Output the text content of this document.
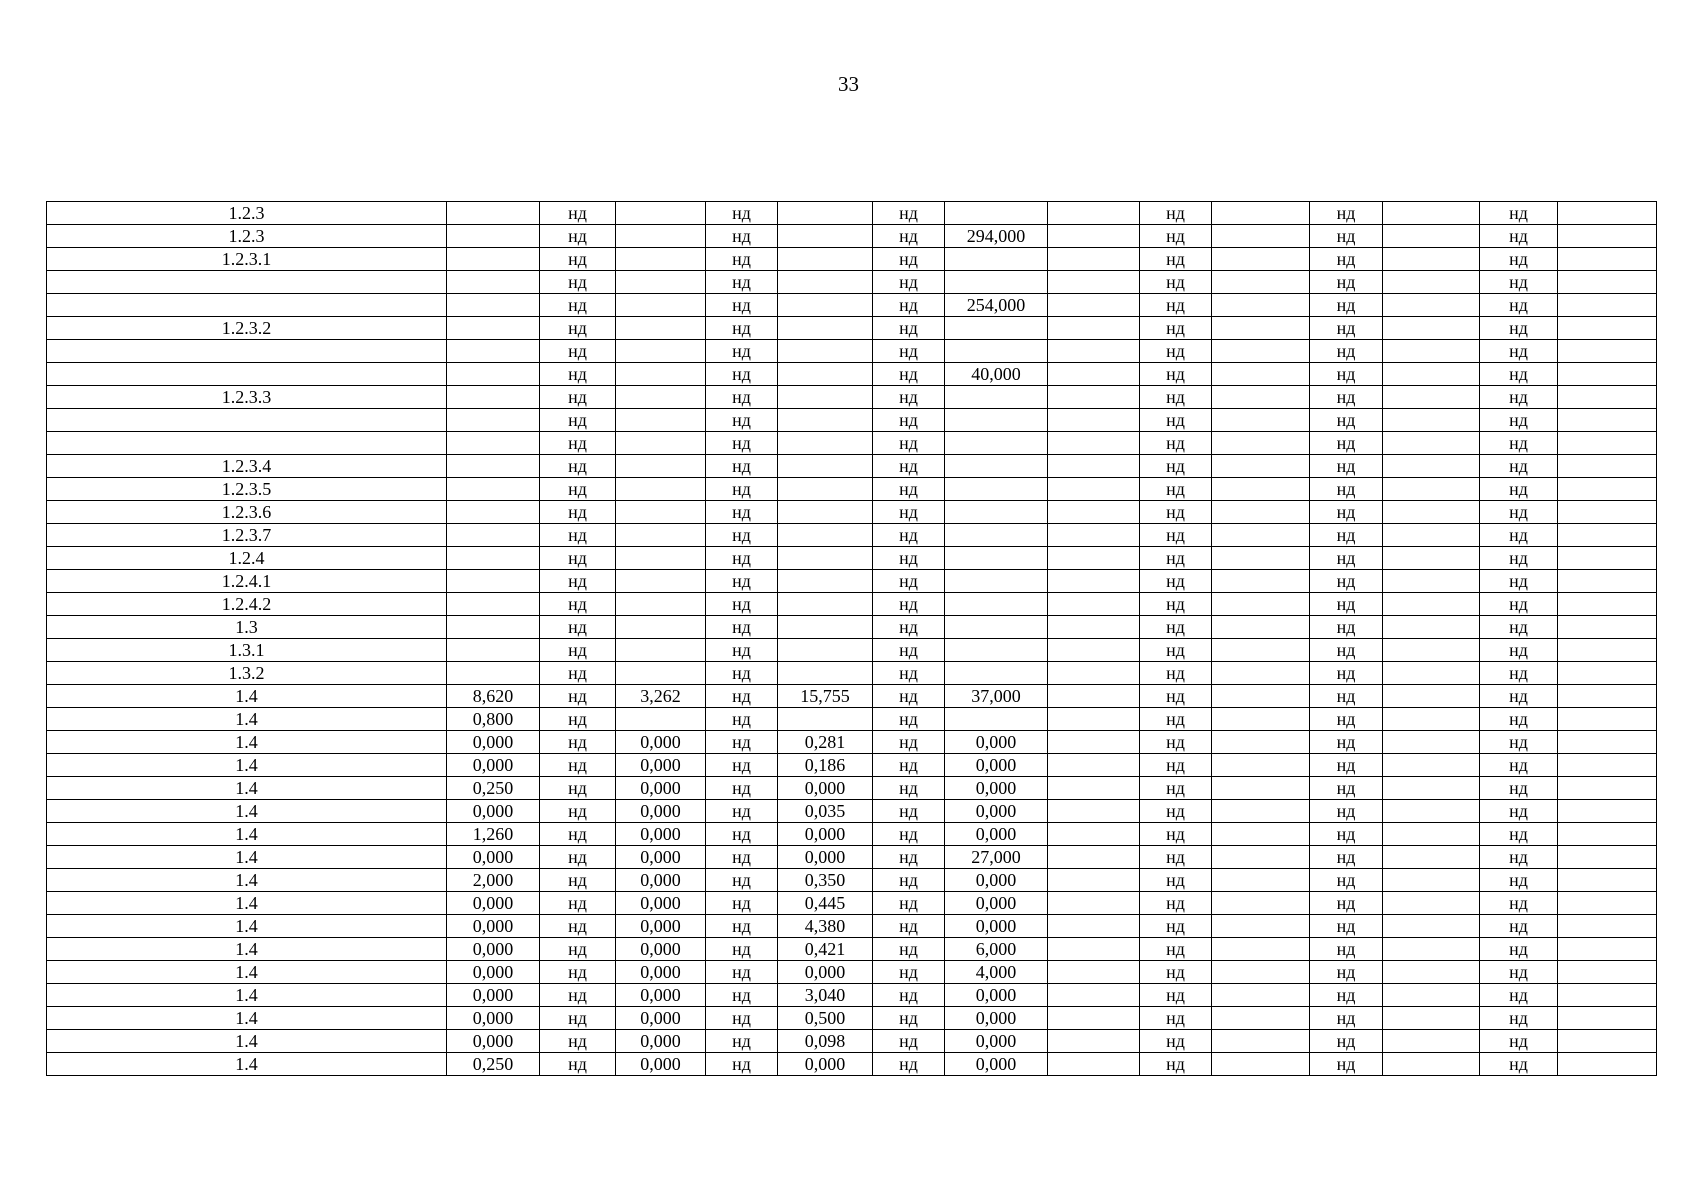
33
1.2.3		нд		нд		нд			нд		нд		нд	
1.2.3		нд		нд		нд	294,000		нд		нд		нд	
1.2.3.1		нд		нд		нд			нд		нд		нд	
		нд		нд		нд			нд		нд		нд	
		нд		нд		нд	254,000		нд		нд		нд	
1.2.3.2		нд		нд		нд			нд		нд		нд	
		нд		нд		нд			нд		нд		нд	
		нд		нд		нд	40,000		нд		нд		нд	
1.2.3.3		нд		нд		нд			нд		нд		нд	
		нд		нд		нд			нд		нд		нд	
		нд		нд		нд			нд		нд		нд	
1.2.3.4		нд		нд		нд			нд		нд		нд	
1.2.3.5		нд		нд		нд			нд		нд		нд	
1.2.3.6		нд		нд		нд			нд		нд		нд	
1.2.3.7		нд		нд		нд			нд		нд		нд	
1.2.4		нд		нд		нд			нд		нд		нд	
1.2.4.1		нд		нд		нд			нд		нд		нд	
1.2.4.2		нд		нд		нд			нд		нд		нд	
1.3		нд		нд		нд			нд		нд		нд	
1.3.1		нд		нд		нд			нд		нд		нд	
1.3.2		нд		нд		нд			нд		нд		нд	
1.4	8,620	нд	3,262	нд	15,755	нд	37,000		нд		нд		нд	
1.4	0,800	нд		нд		нд			нд		нд		нд	
1.4	0,000	нд	0,000	нд	0,281	нд	0,000		нд		нд		нд	
1.4	0,000	нд	0,000	нд	0,186	нд	0,000		нд		нд		нд	
1.4	0,250	нд	0,000	нд	0,000	нд	0,000		нд		нд		нд	
1.4	0,000	нд	0,000	нд	0,035	нд	0,000		нд		нд		нд	
1.4	1,260	нд	0,000	нд	0,000	нд	0,000		нд		нд		нд	
1.4	0,000	нд	0,000	нд	0,000	нд	27,000		нд		нд		нд	
1.4	2,000	нд	0,000	нд	0,350	нд	0,000		нд		нд		нд	
1.4	0,000	нд	0,000	нд	0,445	нд	0,000		нд		нд		нд	
1.4	0,000	нд	0,000	нд	4,380	нд	0,000		нд		нд		нд	
1.4	0,000	нд	0,000	нд	0,421	нд	6,000		нд		нд		нд	
1.4	0,000	нд	0,000	нд	0,000	нд	4,000		нд		нд		нд	
1.4	0,000	нд	0,000	нд	3,040	нд	0,000		нд		нд		нд	
1.4	0,000	нд	0,000	нд	0,500	нд	0,000		нд		нд		нд	
1.4	0,000	нд	0,000	нд	0,098	нд	0,000		нд		нд		нд	
1.4	0,250	нд	0,000	нд	0,000	нд	0,000		нд		нд		нд	
